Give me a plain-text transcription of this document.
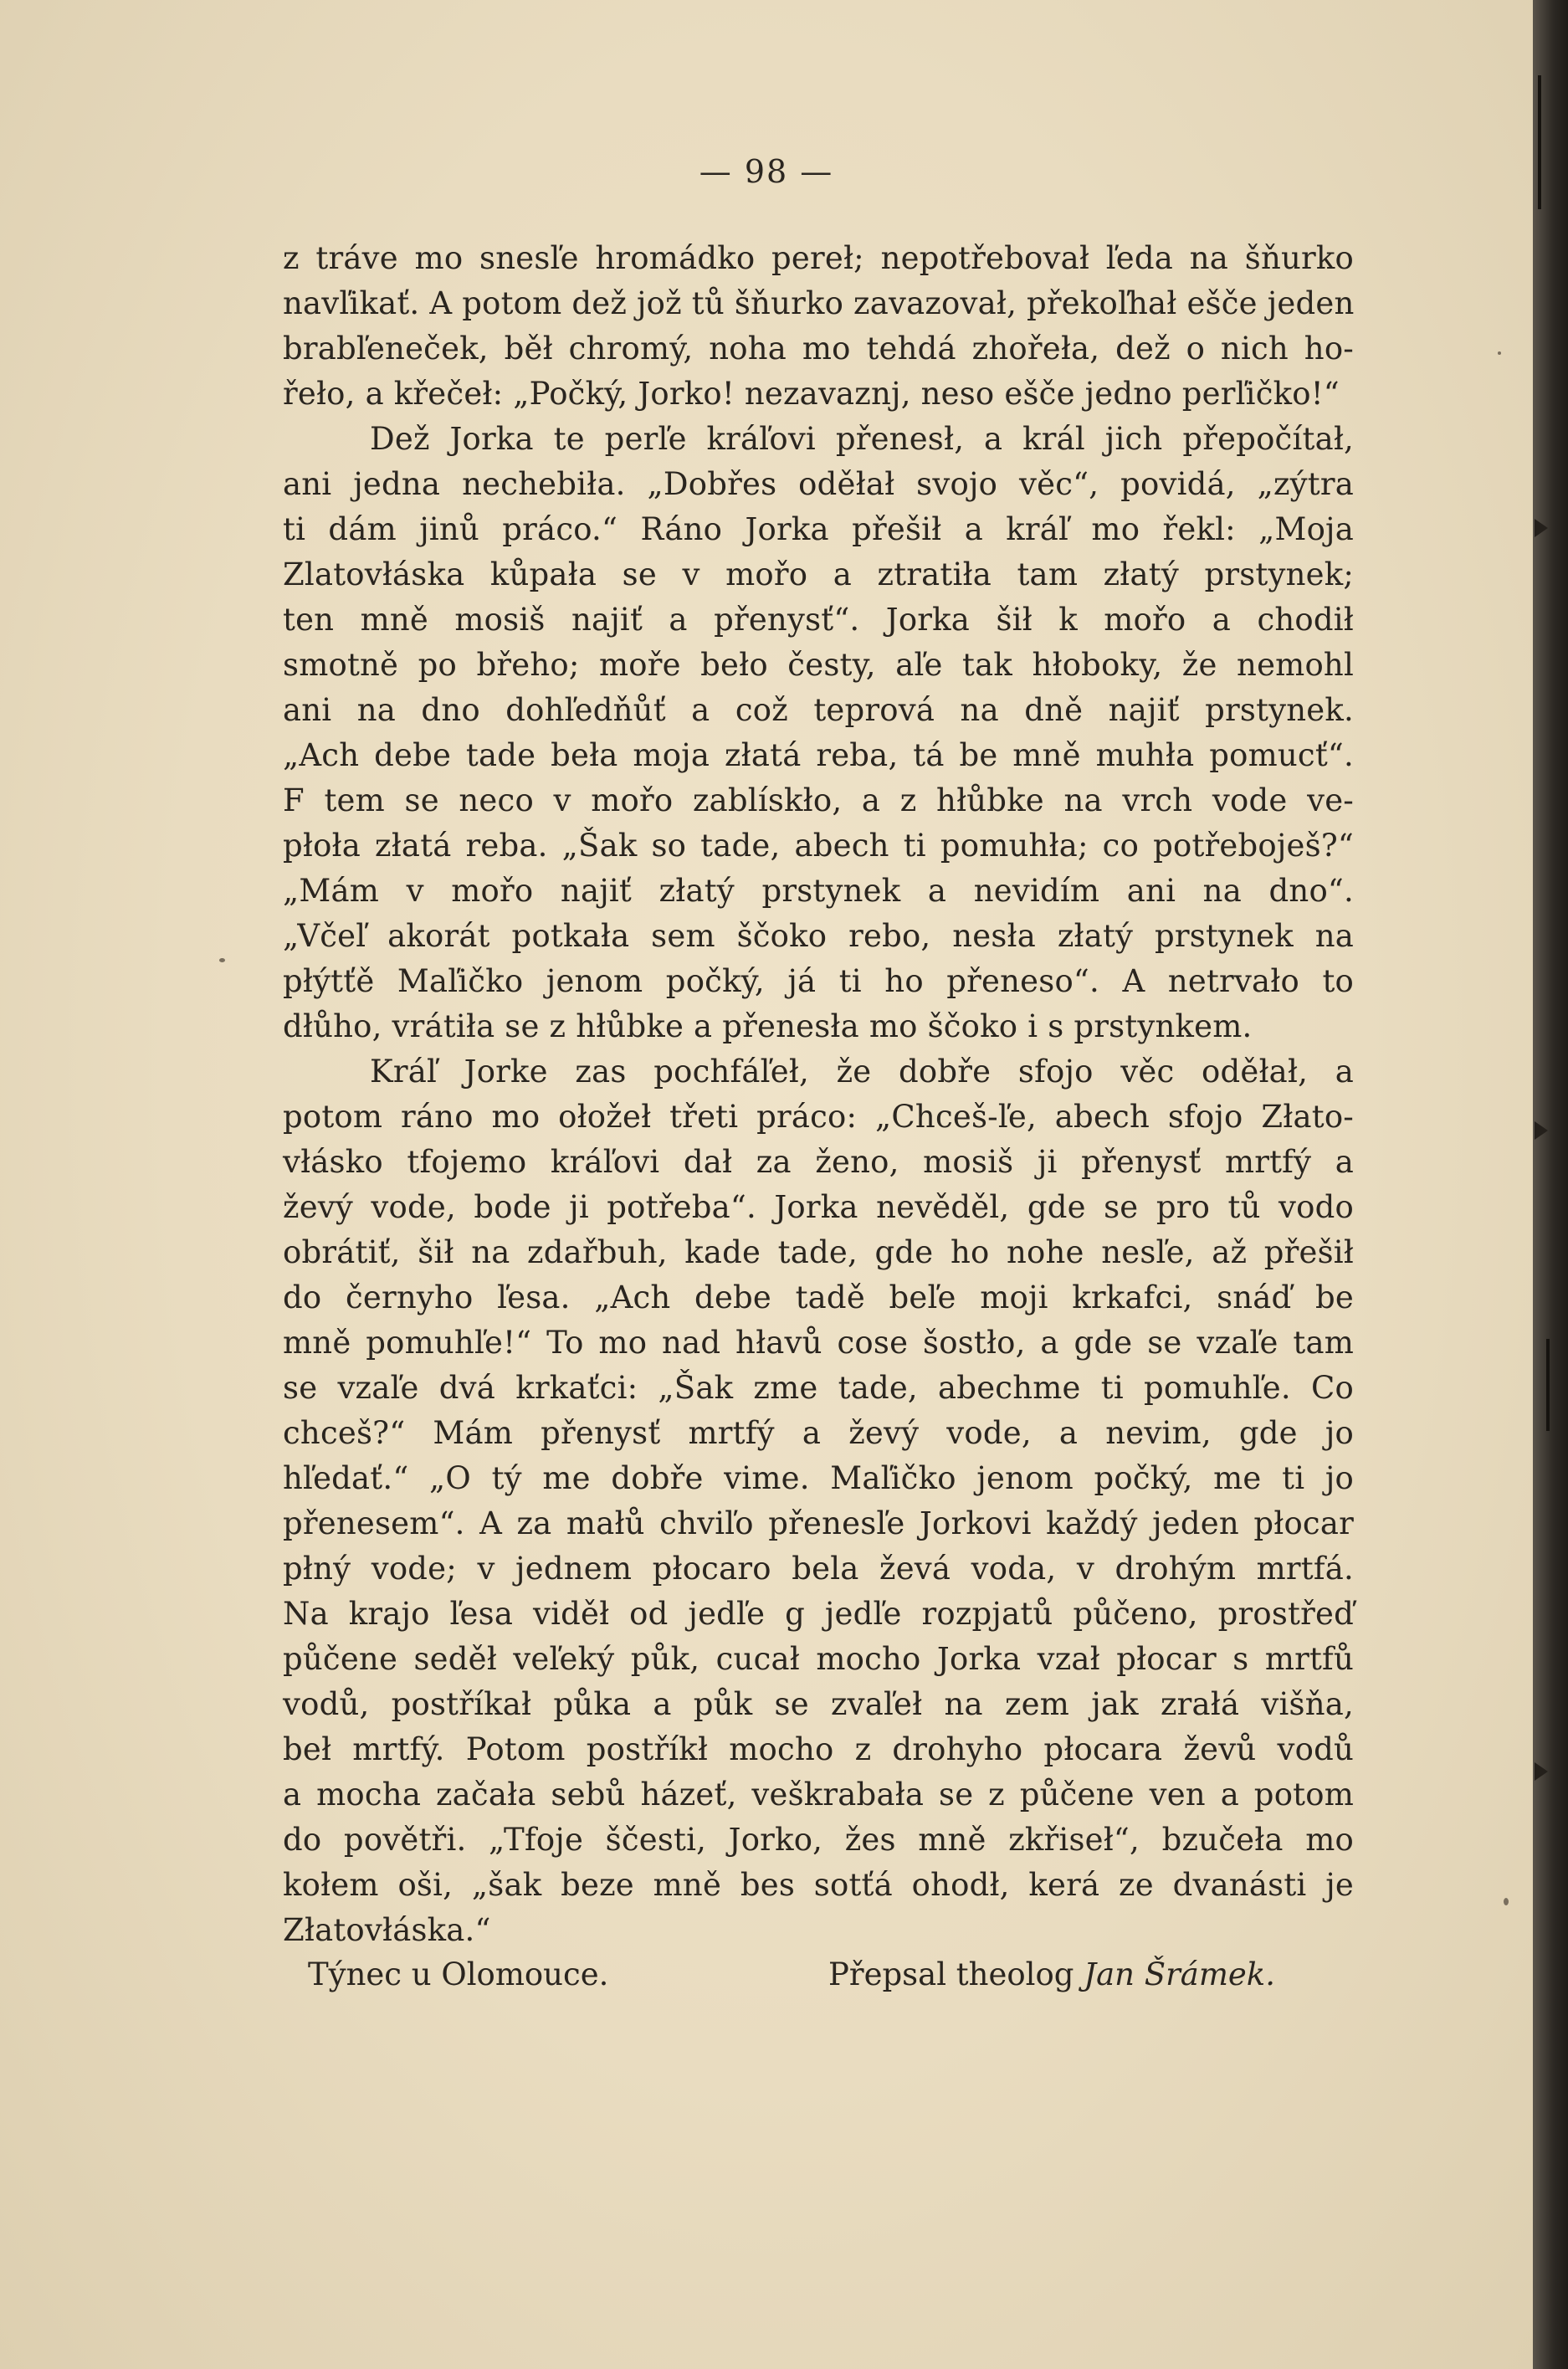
— 98 —
z tráve mo snesľe hromádko pereł; nepotřebovał ľeda na šňurko
navľikať. A potom dež jož tů šňurko zavazovał, překoľhał ešče jeden
brabľeneček, běł chromý, noha mo tehdá zhořeła, dež o nich ho-
řeło, a křečeł: „Počký, Jorko! nezavaznj, neso ešče jedno perľičko!“
Dež Jorka te perľe kráľovi přenesł, a král jich přepočítał,
ani jedna nechebiła. „Dobřes oděłał svojo věc“, povidá, „zýtra
ti dám jinů práco.“ Ráno Jorka přešił a kráľ mo řekl: „Moja
Zlatovłáska kůpała se v mořo a ztratiła tam złatý prstynek;
ten mně mosiš najiť a přenysť“. Jorka šił k mořo a chodił
smotně po břeho; moře beło česty, aľe tak hłoboky, že nemohl
ani na dno dohľedňůť a což teprová na dně najiť prstynek.
„Ach debe tade beła moja złatá reba, tá be mně muhła pomucť“.
F tem se neco v mořo zablískło, a z hłůbke na vrch vode ve-
płoła złatá reba. „Šak so tade, abech ti pomuhła; co potřeboješ?“
„Mám v mořo najiť złatý prstynek a nevidím ani na dno“.
„Včeľ akorát potkała sem ščoko rebo, nesła złatý prstynek na
płýtťě Maľičko jenom počký, já ti ho přeneso“. A netrvało to
dłůho, vrátiła se z hłůbke a přenesła mo ščoko i s prstynkem.
Kráľ Jorke zas pochfáľeł, že dobře sfojo věc oděłał, a
potom ráno mo ołožeł třeti práco: „Chceš-ľe, abech sfojo Złato-
vłásko tfojemo kráľovi dał za ženo, mosiš ji přenysť mrtfý a
ževý vode, bode ji potřeba“. Jorka nevěděl, gde se pro tů vodo
obrátiť, šił na zdařbuh, kade tade, gde ho nohe nesľe, až přešił
do černyho ľesa. „Ach debe tadě beľe moji krkafci, snáď be
mně pomuhľe!“ To mo nad hłavů cose šostło, a gde se vzaľe tam
se vzaľe dvá krkaťci: „Šak zme tade, abechme ti pomuhľe. Co
chceš?“ Mám přenysť mrtfý a ževý vode, a nevim, gde jo
hľedať.“ „O tý me dobře vime. Maľičko jenom počký, me ti jo
přenesem“. A za małů chviľo přenesľe Jorkovi každý jeden płocar
płný vode; v jednem płocaro bela ževá voda, v drohým mrtfá.
Na krajo ľesa viděł od jedľe g jedľe rozpjatů půčeno, prostřeď
půčene seděł veľeký půk, cucał mocho Jorka vzał płocar s mrtfů
vodů, postříkał půka a půk se zvaľeł na zem jak zrałá višňa,
beł mrtfý. Potom postříkł mocho z drohyho płocara ževů vodů
a mocha začała sebů házeť, veškrabała se z půčene ven a potom
do povětři. „Tfoje ščesti, Jorko, žes mně zkřiseł“, bzučeła mo
kołem oši, „šak beze mně bes sotťá ohodł, kerá ze dvanásti je
Złatovłáska.“
Týnec u Olomouce.	Přepsal theolog Jan Šrámek.
